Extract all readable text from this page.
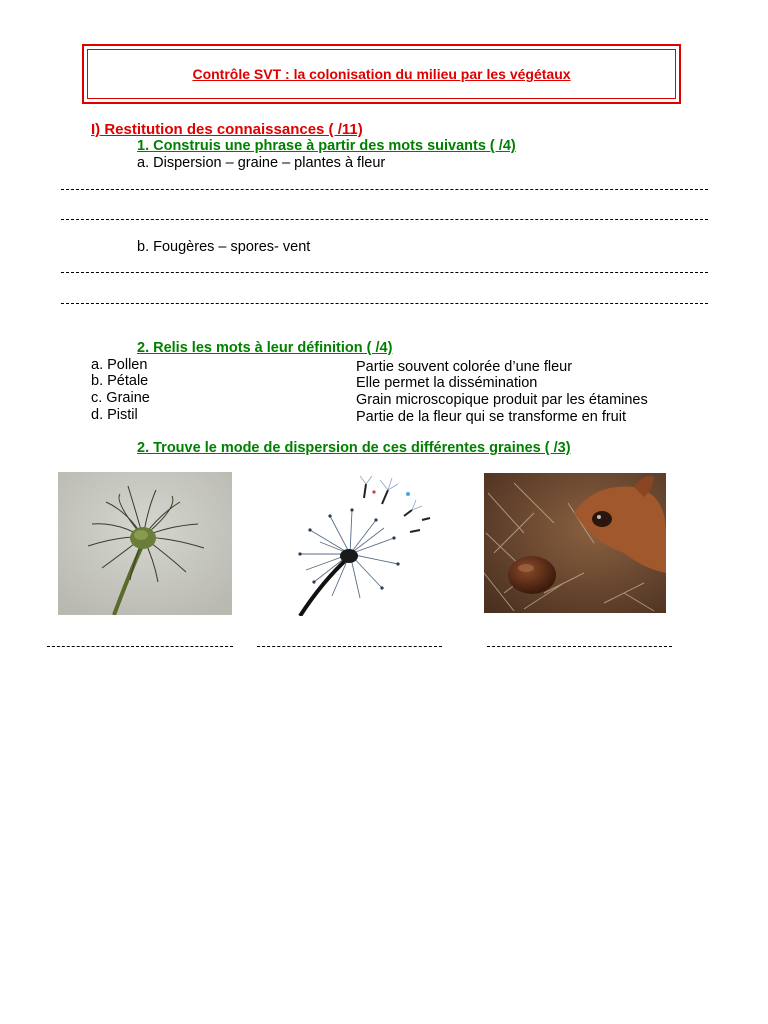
Contrôle SVT : la colonisation du milieu par les végétaux
I) Restitution des connaissances ( /11)
1. Construis une phrase à partir des mots suivants ( /4)
a. Dispersion – graine – plantes à fleur
b. Fougères – spores- vent
2. Relis les mots à leur définition ( /4)
a. Pollen
b. Pétale
c. Graine
d. Pistil
Partie souvent colorée d’une fleur
Elle permet la dissémination
Grain microscopique produit par les étamines
Partie de la fleur qui se transforme en fruit
2. Trouve le mode de dispersion de ces différentes graines ( /3)
